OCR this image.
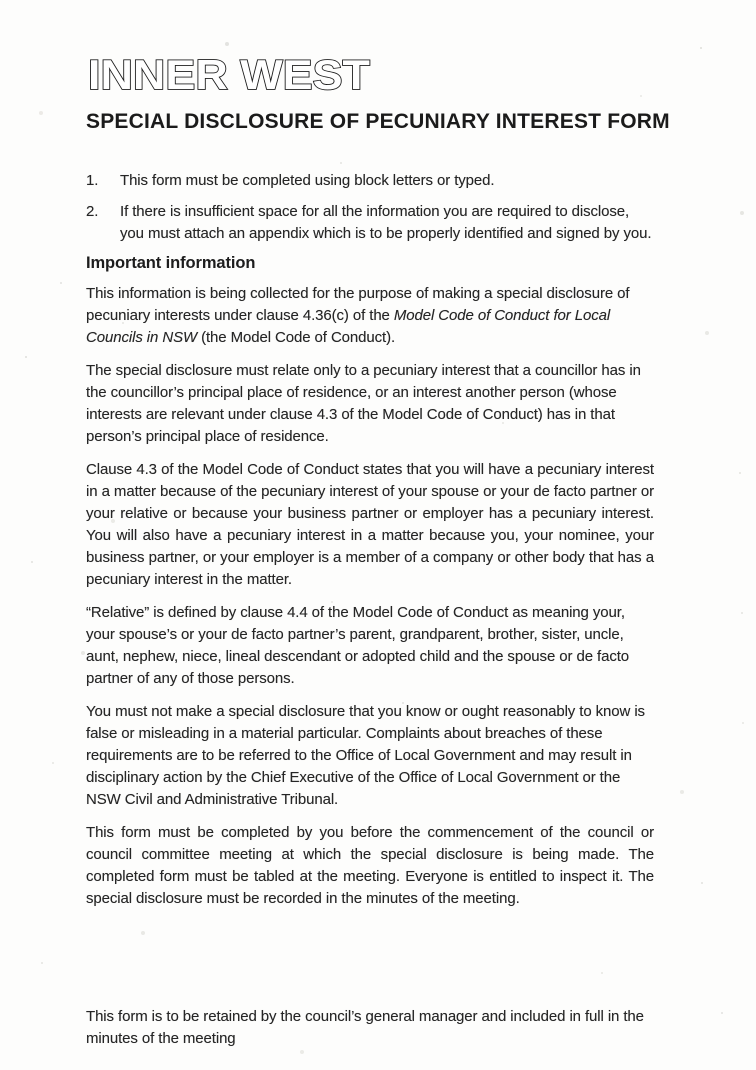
INNER WEST
SPECIAL DISCLOSURE OF PECUNIARY INTEREST FORM
1.	This form must be completed using block letters or typed.
2.	If there is insufficient space for all the information you are required to disclose, you must attach an appendix which is to be properly identified and signed by you.
Important information

This information is being collected for the purpose of making a special disclosure of pecuniary interests under clause 4.36(c) of the Model Code of Conduct for Local Councils in NSW (the Model Code of Conduct).

The special disclosure must relate only to a pecuniary interest that a councillor has in the councillor’s principal place of residence, or an interest another person (whose interests are relevant under clause 4.3 of the Model Code of Conduct) has in that person’s principal place of residence.

Clause 4.3 of the Model Code of Conduct states that you will have a pecuniary interest in a matter because of the pecuniary interest of your spouse or your de facto partner or your relative or because your business partner or employer has a pecuniary interest. You will also have a pecuniary interest in a matter because you, your nominee, your business partner, or your employer is a member of a company or other body that has a pecuniary interest in the matter.

“Relative” is defined by clause 4.4 of the Model Code of Conduct as meaning your, your spouse’s or your de facto partner’s parent, grandparent, brother, sister, uncle, aunt, nephew, niece, lineal descendant or adopted child and the spouse or de facto partner of any of those persons.

You must not make a special disclosure that you know or ought reasonably to know is false or misleading in a material particular. Complaints about breaches of these requirements are to be referred to the Office of Local Government and may result in disciplinary action by the Chief Executive of the Office of Local Government or the NSW Civil and Administrative Tribunal.

This form must be completed by you before the commencement of the council or council committee meeting at which the special disclosure is being made. The completed form must be tabled at the meeting. Everyone is entitled to inspect it. The special disclosure must be recorded in the minutes of the meeting.

This form is to be retained by the council’s general manager and included in full in the minutes of the meeting
